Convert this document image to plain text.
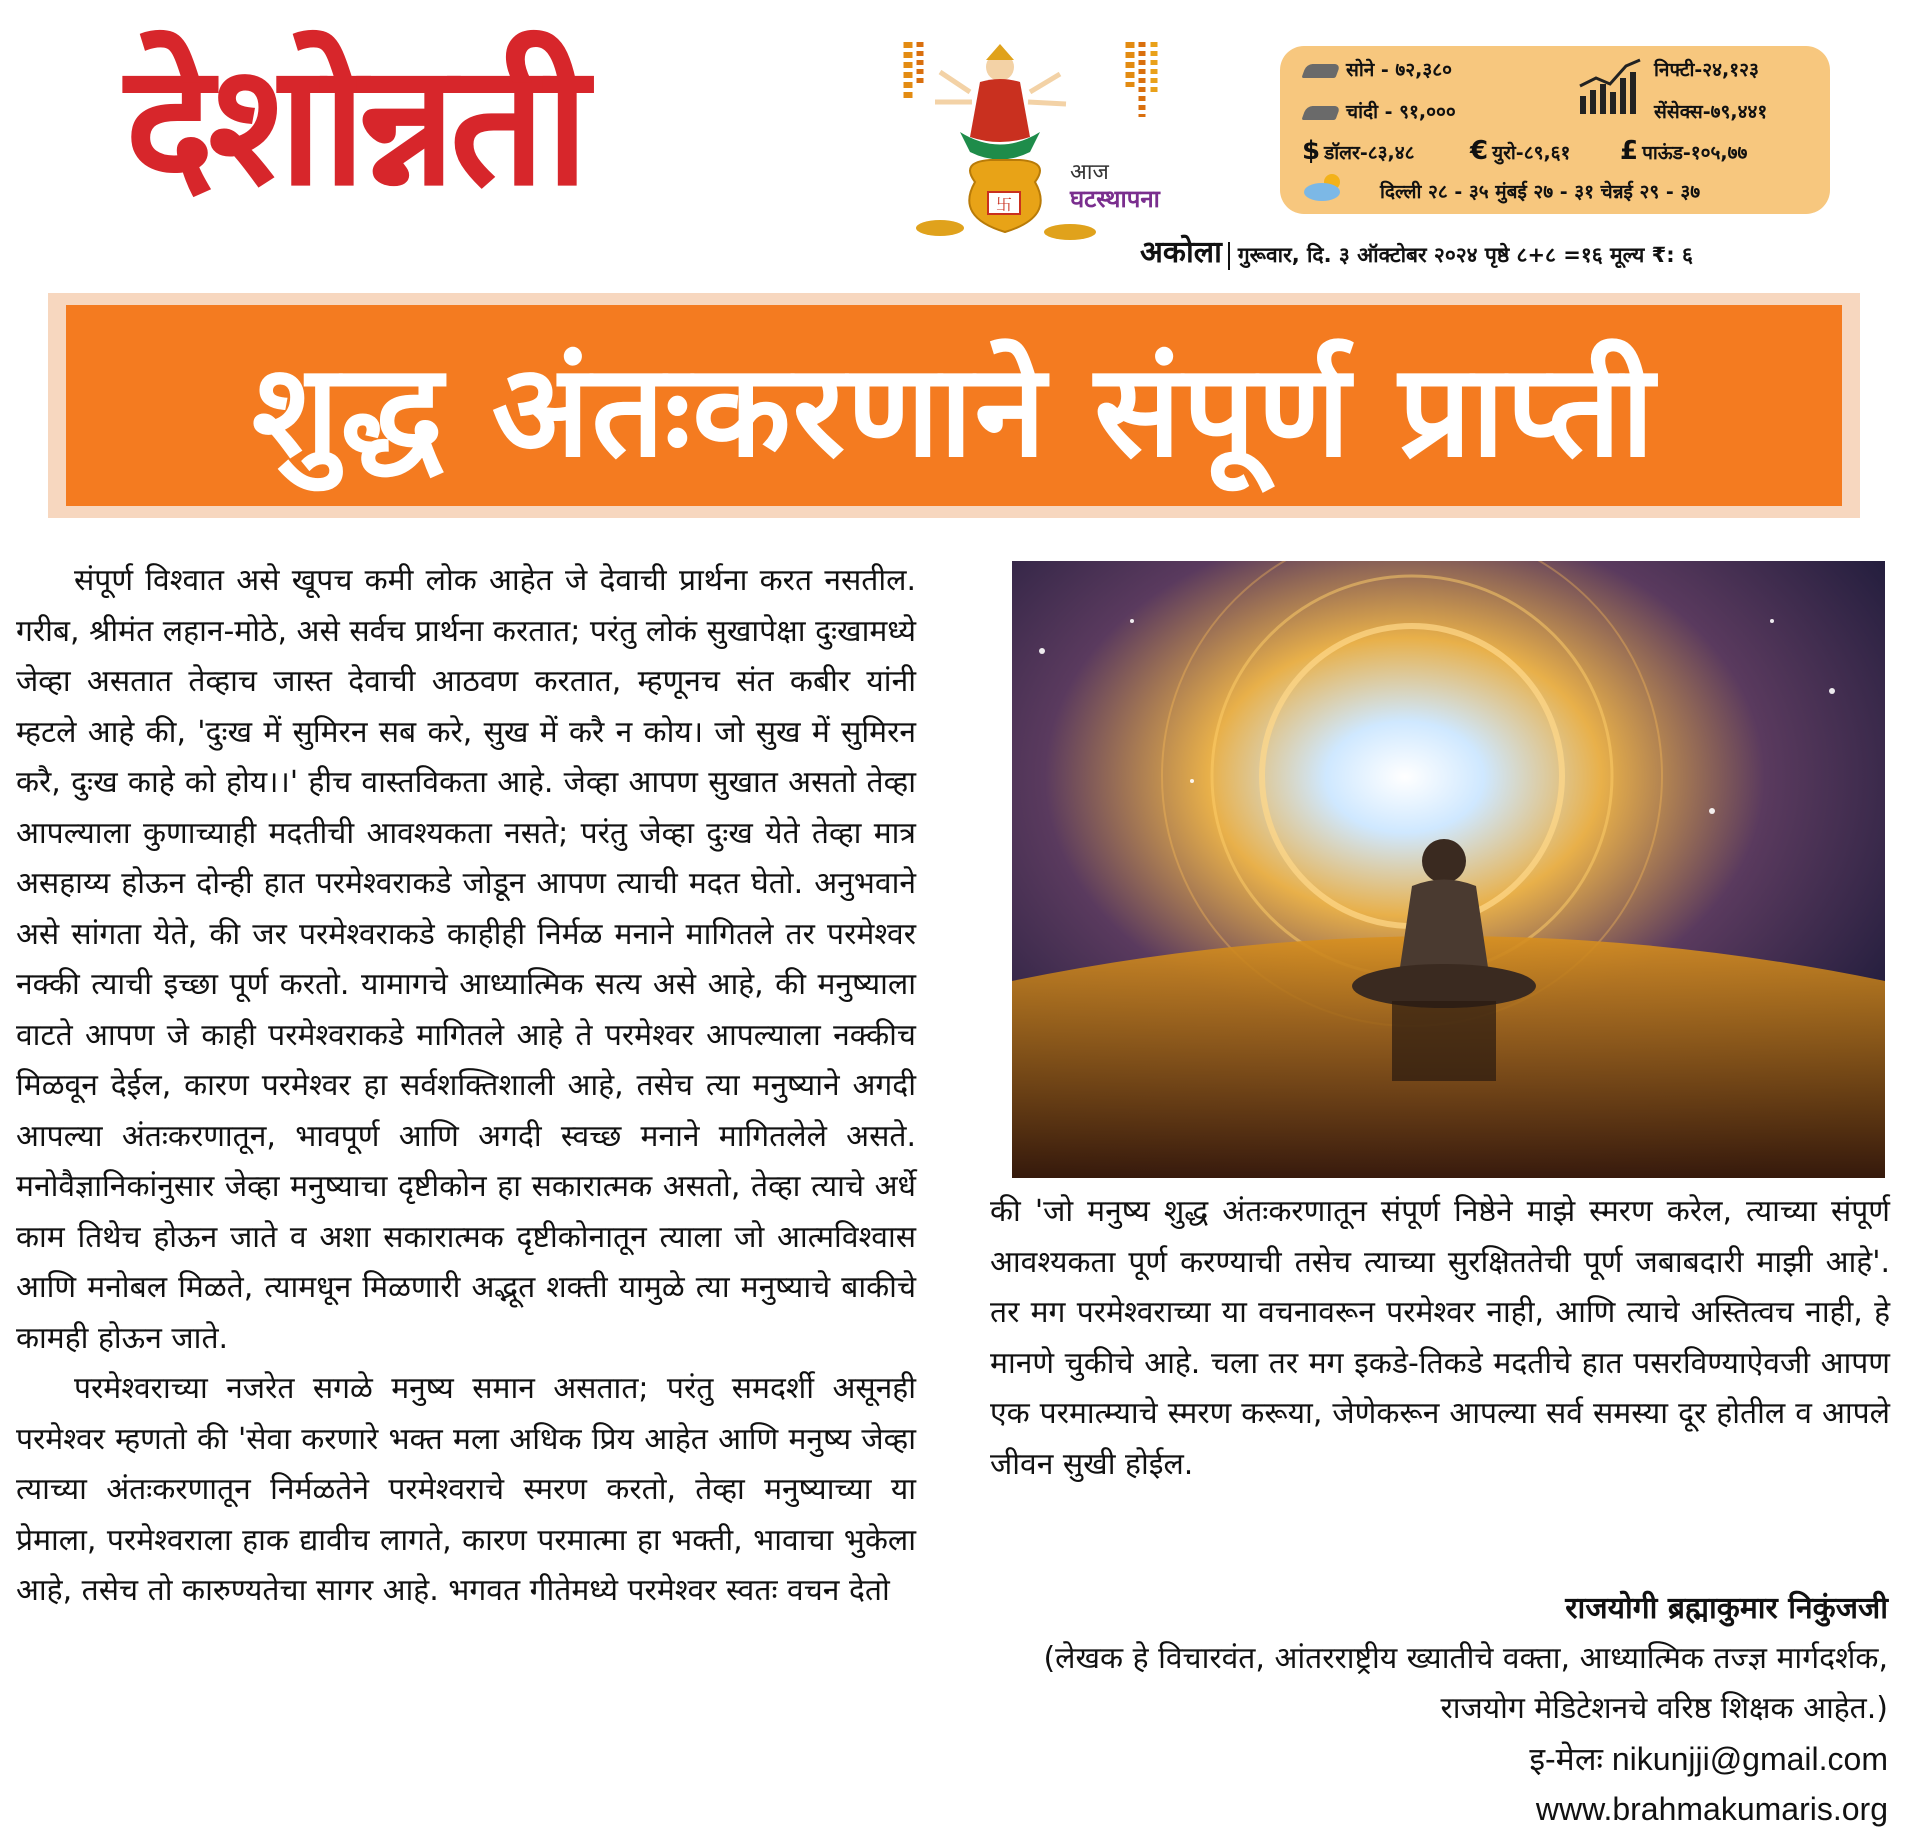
देशोन्नती	卐
आज
घटस्थापना
सोने - ७२,३८०
चांदी - ९१,०००
निफ्टी-२४,१२३
सेंसेक्स-७९,४४१
$ डॉलर-८३,४८ € युरो-८९,६१ £ पाऊंड-१०५,७७
दिल्ली २८ - ३५ मुंबई २७ - ३१ चेन्नई २९ - ३७
अकोला गुरूवार, दि. ३ ऑक्टोबर २०२४ पृष्ठे ८+८ =१६ मूल्य ₹: ६
शुद्ध अंतःकरणाने संपूर्ण प्राप्ती

संपूर्ण विश्वात असे खूपच कमी लोक आहेत जे देवाची प्रार्थना करत नसतील. गरीब, श्रीमंत लहान-मोठे, असे सर्वच प्रार्थना करतात; परंतु लोकं सुखापेक्षा दुःखामध्ये जेव्हा असतात तेव्हाच जास्त देवाची आठवण करतात, म्हणूनच संत कबीर यांनी म्हटले आहे की, 'दुःख में सुमिरन सब करे, सुख में करै न कोय। जो सुख में सुमिरन करै, दुःख काहे को होय।।' हीच वास्तविकता आहे. जेव्हा आपण सुखात असतो तेव्हा आपल्याला कुणाच्याही मदतीची आवश्यकता नसते; परंतु जेव्हा दुःख येते तेव्हा मात्र असहाय्य होऊन दोन्ही हात परमेश्वराकडे जोडून आपण त्याची मदत घेतो. अनुभवाने असे सांगता येते, की जर परमेश्वराकडे काहीही निर्मळ मनाने मागितले तर परमेश्वर नक्की त्याची इच्छा पूर्ण करतो. यामागचे आध्यात्मिक सत्य असे आहे, की मनुष्याला वाटते आपण जे काही परमेश्वराकडे मागितले आहे ते परमेश्वर आपल्याला नक्कीच मिळवून देईल, कारण परमेश्वर हा सर्वशक्तिशाली आहे, तसेच त्या मनुष्याने अगदी आपल्या अंतःकरणातून, भावपूर्ण आणि अगदी स्वच्छ मनाने मागितलेले असते. मनोवैज्ञानिकांनुसार जेव्हा मनुष्याचा दृष्टीकोन हा सकारात्मक असतो, तेव्हा त्याचे अर्धे काम तिथेच होऊन जाते व अशा सकारात्मक दृष्टीकोनातून त्याला जो आत्मविश्वास आणि मनोबल मिळते, त्यामधून मिळणारी अद्भूत शक्ती यामुळे त्या मनुष्याचे बाकीचे कामही होऊन जाते.

परमेश्वराच्या नजरेत सगळे मनुष्य समान असतात; परंतु समदर्शी असूनही परमेश्वर म्हणतो की 'सेवा करणारे भक्त मला अधिक प्रिय आहेत आणि मनुष्य जेव्हा त्याच्या अंतःकरणातून निर्मळतेने परमेश्वराचे स्मरण करतो, तेव्हा मनुष्याच्या या प्रेमाला, परमेश्वराला हाक द्यावीच लागते, कारण परमात्मा हा भक्ती, भावाचा भुकेला आहे, तसेच तो कारुण्यतेचा सागर आहे. भगवत गीतेमध्ये परमेश्वर स्वतः वचन देतो

की 'जो मनुष्य शुद्ध अंतःकरणातून संपूर्ण निष्ठेने माझे स्मरण करेल, त्याच्या संपूर्ण आवश्यकता पूर्ण करण्याची तसेच त्याच्या सुरक्षिततेची पूर्ण जबाबदारी माझी आहे'. तर मग परमेश्वराच्या या वचनावरून परमेश्वर नाही, आणि त्याचे अस्तित्वच नाही, हे मानणे चुकीचे आहे. चला तर मग इकडे-तिकडे मदतीचे हात पसरविण्याऐवजी आपण एक परमात्म्याचे स्मरण करूया, जेणेकरून आपल्या सर्व समस्या दूर होतील व आपले जीवन सुखी होईल.

राजयोगी ब्रह्माकुमार निकुंजजी
(लेखक हे विचारवंत, आंतरराष्ट्रीय ख्यातीचे वक्ता, आध्यात्मिक तज्ज्ञ मार्गदर्शक, राजयोग मेडिटेशनचे वरिष्ठ शिक्षक आहेत.)
इ-मेलः nikunjji@gmail.com
www.brahmakumaris.org
